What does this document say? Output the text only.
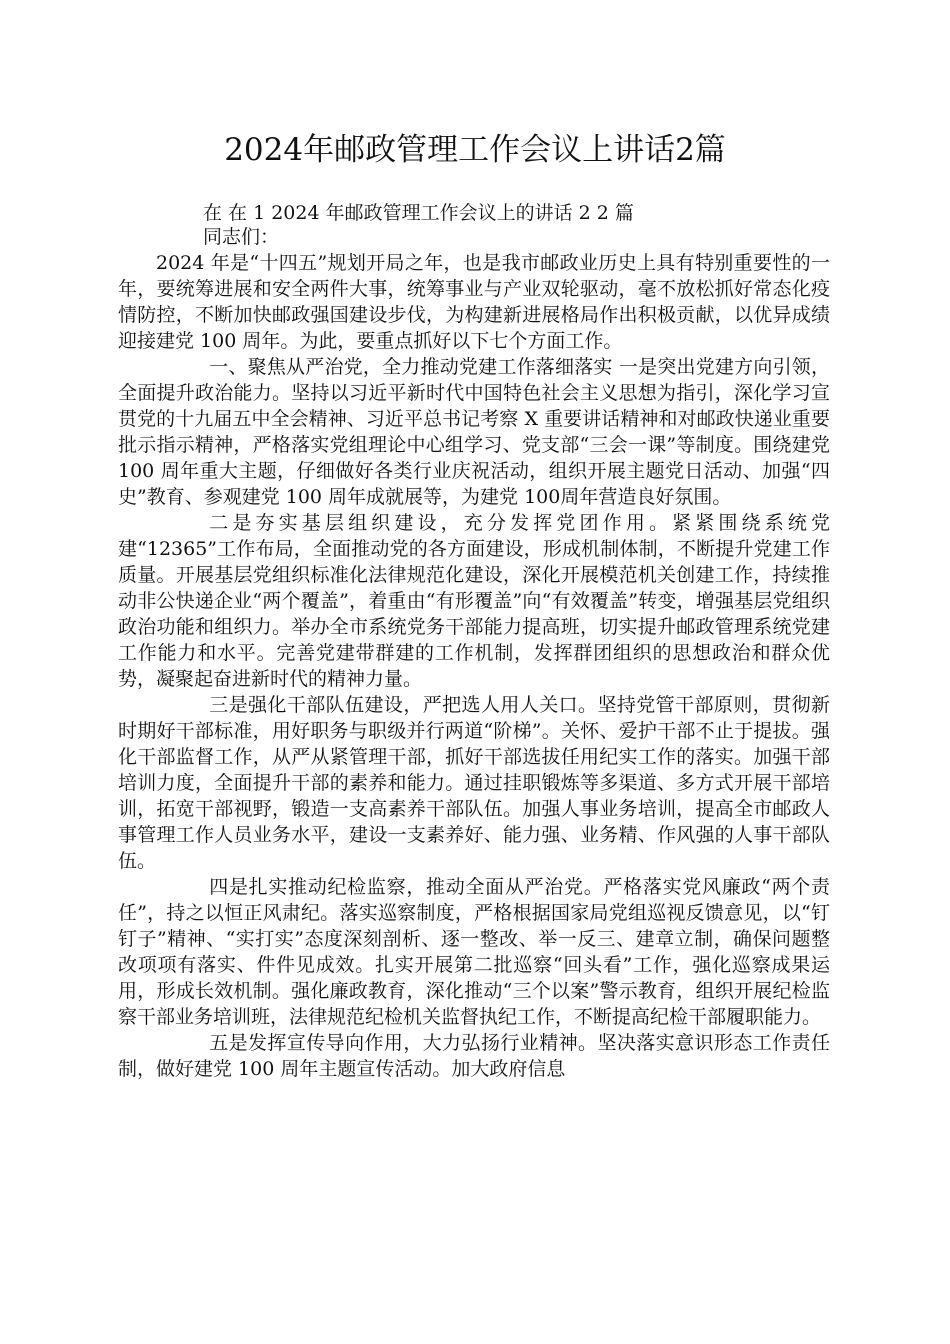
2024年邮政管理工作会议上讲话2篇
在 在 1 2024 年邮政管理工作会议上的讲话 2 2 篇
同志们：

2024 年是“十四五”规划开局之年，也是我市邮政业历史上具有特别重要性的一年，要统筹进展和安全两件大事，统筹事业与产业双轮驱动，毫不放松抓好常态化疫情防控，不断加快邮政强国建设步伐，为构建新进展格局作出积极贡献，以优异成绩迎接建党 100 周年。为此，要重点抓好以下七个方面工作。

一、聚焦从严治党，全力推动党建工作落细落实 一是突出党建方向引领，全面提升政治能力。坚持以习近平新时代中国特色社会主义思想为指引，深化学习宣贯党的十九届五中全会精神、习近平总书记考察 X 重要讲话精神和对邮政快递业重要批示指示精神，严格落实党组理论中心组学习、党支部“三会一课”等制度。围绕建党 100 周年重大主题，仔细做好各类行业庆祝活动，组织开展主题党日活动、加强“四史”教育、参观建党 100 周年成就展等，为建党 100周年营造良好氛围。

二是夯实基层组织建设，充分发挥党团作用。紧紧围绕系统党建“12365”工作布局，全面推动党的各方面建设，形成机制体制，不断提升党建工作质量。开展基层党组织标准化法律规范化建设，深化开展模范机关创建工作，持续推动非公快递企业“两个覆盖”，着重由“有形覆盖”向“有效覆盖”转变，增强基层党组织政治功能和组织力。举办全市系统党务干部能力提高班，切实提升邮政管理系统党建工作能力和水平。完善党建带群建的工作机制，发挥群团组织的思想政治和群众优势，凝聚起奋进新时代的精神力量。

三是强化干部队伍建设，严把选人用人关口。坚持党管干部原则，贯彻新时期好干部标准，用好职务与职级并行两道“阶梯”。关怀、爱护干部不止于提拔。强化干部监督工作，从严从紧管理干部，抓好干部选拔任用纪实工作的落实。加强干部培训力度，全面提升干部的素养和能力。通过挂职锻炼等多渠道、多方式开展干部培训，拓宽干部视野，锻造一支高素养干部队伍。加强人事业务培训，提高全市邮政人事管理工作人员业务水平，建设一支素养好、能力强、业务精、作风强的人事干部队伍。

四是扎实推动纪检监察，推动全面从严治党。严格落实党风廉政“两个责任”，持之以恒正风肃纪。落实巡察制度，严格根据国家局党组巡视反馈意见，以“钉钉子”精神、“实打实”态度深刻剖析、逐一整改、举一反三、建章立制，确保问题整改项项有落实、件件见成效。扎实开展第二批巡察“回头看”工作，强化巡察成果运用，形成长效机制。强化廉政教育，深化推动“三个以案”警示教育，组织开展纪检监察干部业务培训班，法律规范纪检机关监督执纪工作，不断提高纪检干部履职能力。

五是发挥宣传导向作用，大力弘扬行业精神。坚决落实意识形态工作责任制，做好建党 100 周年主题宣传活动。加大政府信息
